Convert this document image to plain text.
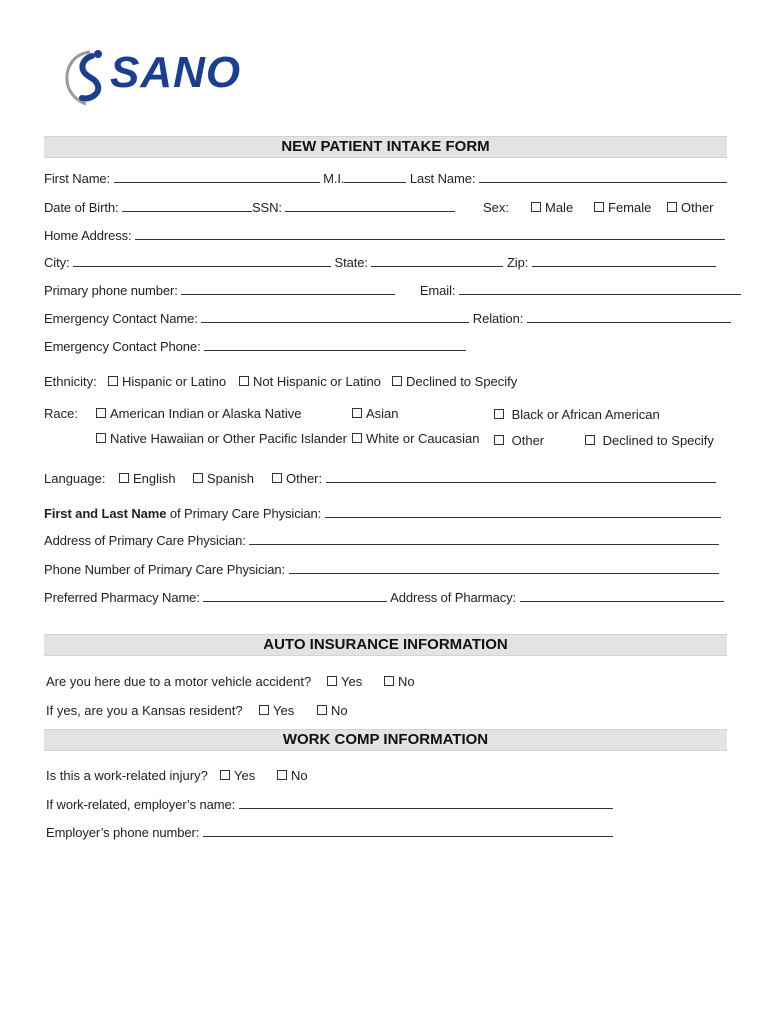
SANO
NEW PATIENT INTAKE FORM
First Name:	M.I.	Last Name:
Date of Birth:	SSN:	Sex:	Male	Female	Other
Home Address:
City:	State:	Zip:
Primary phone number:	Email:
Emergency Contact Name:	Relation:
Emergency Contact Phone:
Ethnicity:	Hispanic or Latino	Not Hispanic or Latino	Declined to Specify
Race:	American Indian or Alaska Native	Asian	Black or African American
Native Hawaiian or Other Pacific Islander	White or Caucasian	Other	Declined to Specify
Language:	English	Spanish	Other:
First and Last Name of Primary Care Physician:
Address of Primary Care Physician:
Phone Number of Primary Care Physician:
Preferred Pharmacy Name:	Address of Pharmacy:
AUTO INSURANCE INFORMATION
Are you here due to a motor vehicle accident?	Yes	No
If yes, are you a Kansas resident?	Yes	No
WORK COMP INFORMATION
Is this a work-related injury?	Yes	No
If work-related, employer’s name:
Employer’s phone number:
